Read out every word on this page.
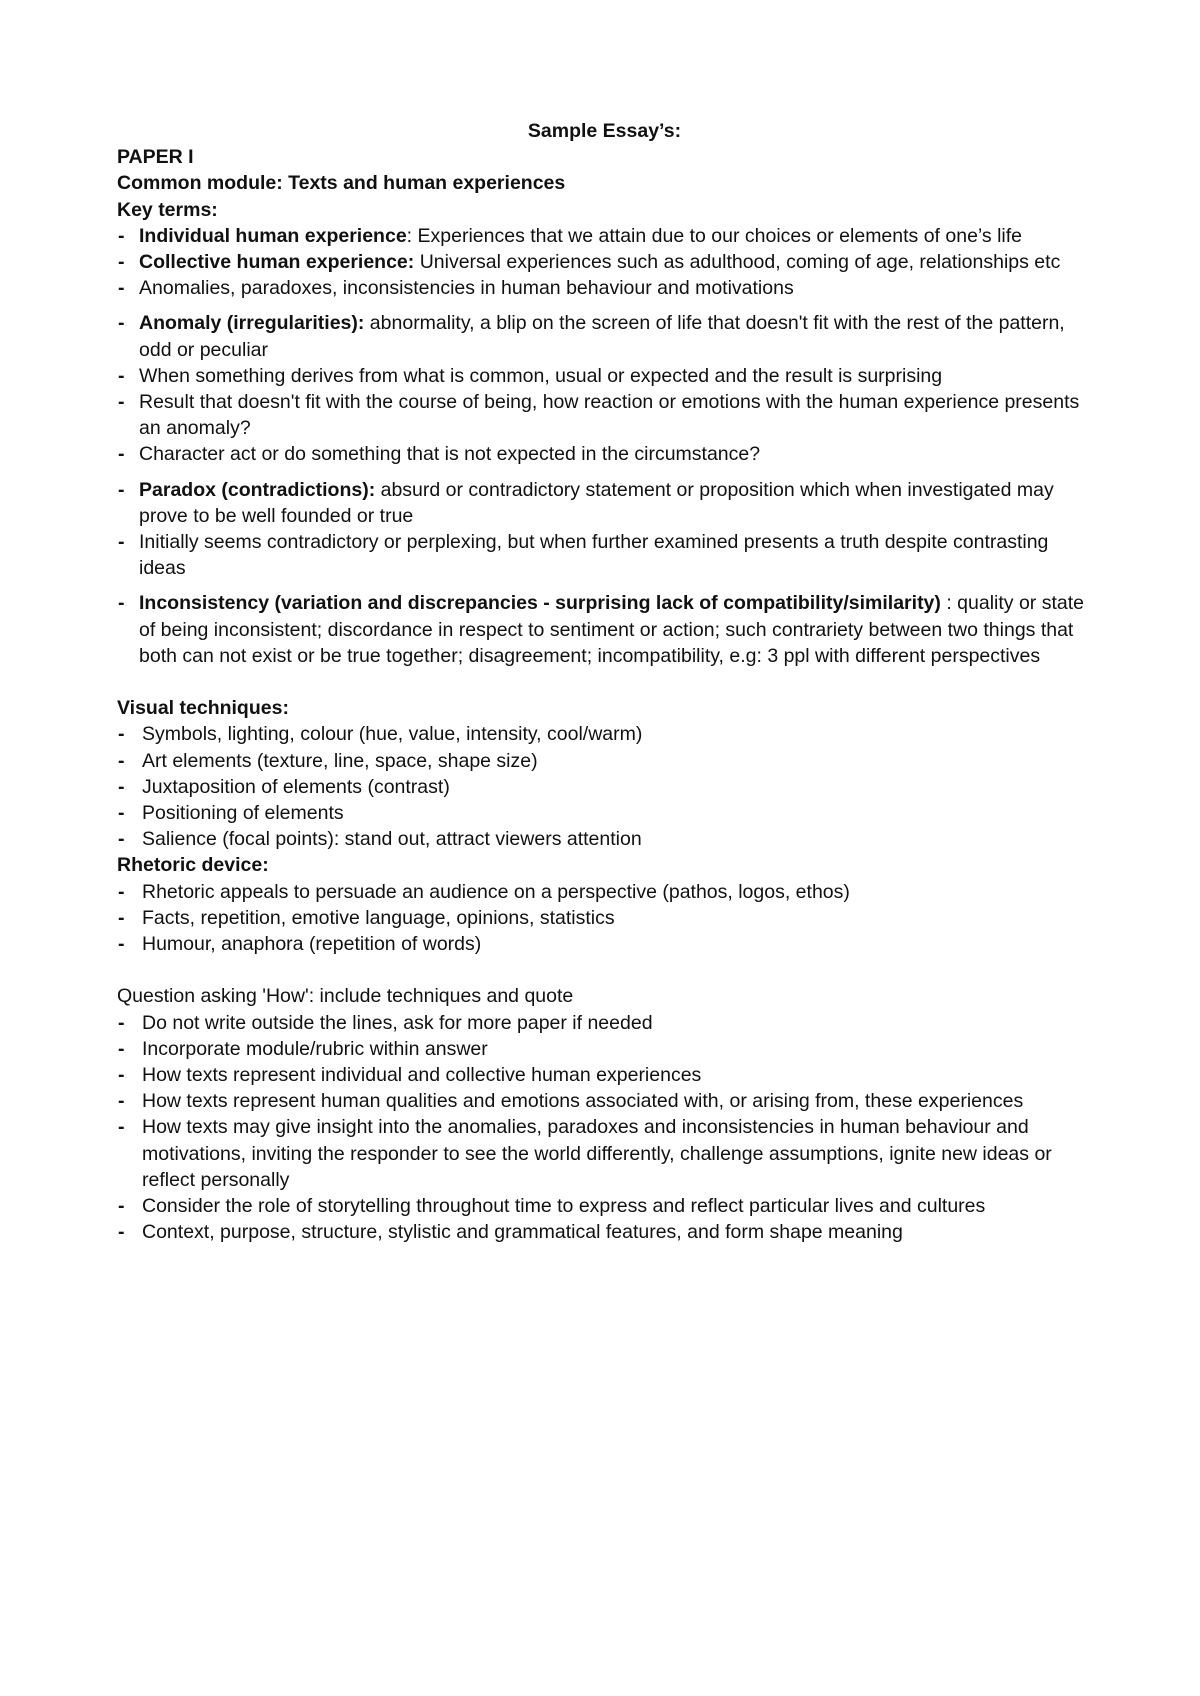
Sample Essay’s:

PAPER I

Common module: Texts and human experiences

Key terms:

- Individual human experience: Experiences that we attain due to our choices or elements of one’s life
- Collective human experience: Universal experiences such as adulthood, coming of age, relationships etc
- Anomalies, paradoxes, inconsistencies in human behaviour and motivations
- Anomaly (irregularities): abnormality, a blip on the screen of life that doesn't fit with the rest of the pattern, odd or peculiar
- When something derives from what is common, usual or expected and the result is surprising
- Result that doesn't fit with the course of being, how reaction or emotions with the human experience presents an anomaly?
- Character act or do something that is not expected in the circumstance?
- Paradox (contradictions): absurd or contradictory statement or proposition which when investigated may prove to be well founded or true
- Initially seems contradictory or perplexing, but when further examined presents a truth despite contrasting ideas
- Inconsistency (variation and discrepancies - surprising lack of compatibility/similarity) : quality or state of being inconsistent; discordance in respect to sentiment or action; such contrariety between two things that both can not exist or be true together; disagreement; incompatibility, e.g: 3 ppl with different perspectives

Visual techniques:

- Symbols, lighting, colour (hue, value, intensity, cool/warm)
- Art elements (texture, line, space, shape size)
- Juxtaposition of elements (contrast)
- Positioning of elements
- Salience (focal points): stand out, attract viewers attention

Rhetoric device:

- Rhetoric appeals to persuade an audience on a perspective (pathos, logos, ethos)
- Facts, repetition, emotive language, opinions, statistics
- Humour, anaphora (repetition of words)

Question asking 'How': include techniques and quote

- Do not write outside the lines, ask for more paper if needed
- Incorporate module/rubric within answer
- How texts represent individual and collective human experiences
- How texts represent human qualities and emotions associated with, or arising from, these experiences
- How texts may give insight into the anomalies, paradoxes and inconsistencies in human behaviour and motivations, inviting the responder to see the world differently, challenge assumptions, ignite new ideas or reflect personally
- Consider the role of storytelling throughout time to express and reflect particular lives and cultures
- Context, purpose, structure, stylistic and grammatical features, and form shape meaning
